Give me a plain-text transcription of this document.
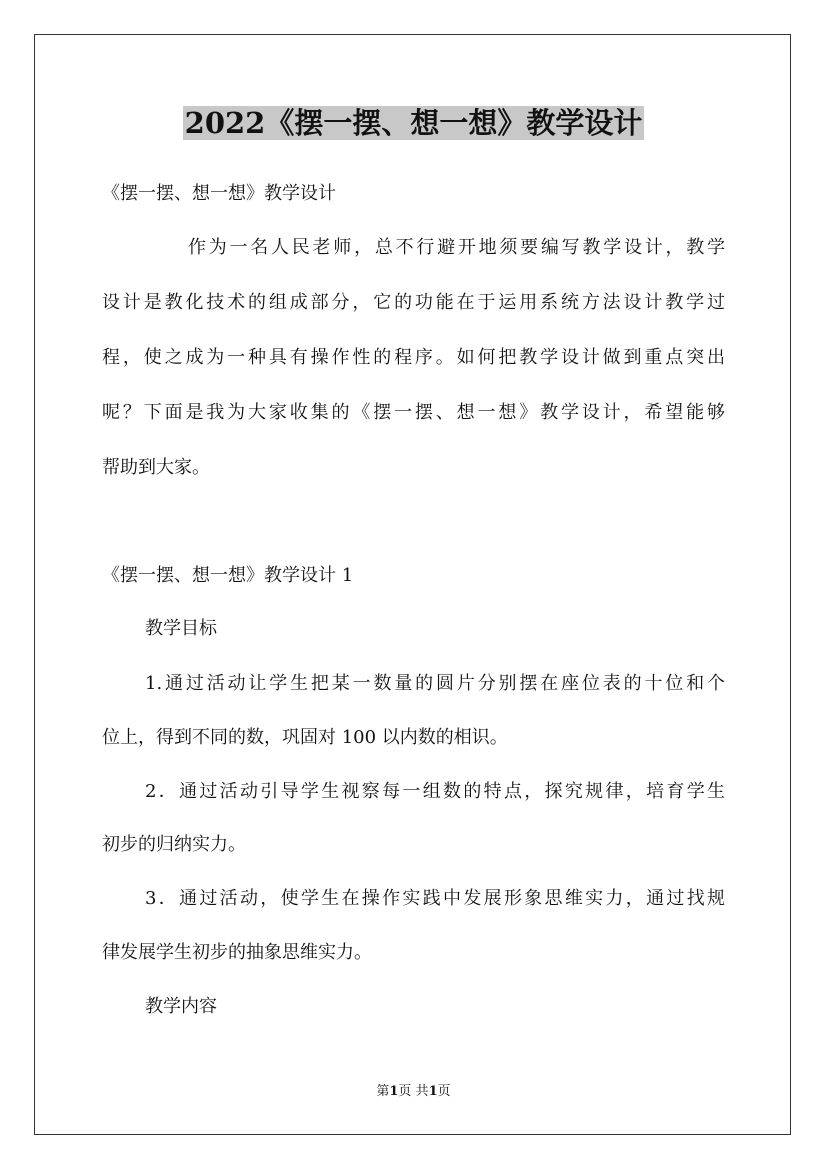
2022《摆一摆、想一想》教学设计
《摆一摆、想一想》教学设计
作为一名人民老师，总不行避开地须要编写教学设计，教学
设计是教化技术的组成部分，它的功能在于运用系统方法设计教学过
程，使之成为一种具有操作性的程序。如何把教学设计做到重点突出
呢？下面是我为大家收集的《摆一摆、想一想》教学设计，希望能够
帮助到大家。
《摆一摆、想一想》教学设计 1
教学目标
1.通过活动让学生把某一数量的圆片分别摆在座位表的十位和个
位上，得到不同的数，巩固对 100 以内数的相识。
2．通过活动引导学生视察每一组数的特点，探究规律，培育学生
初步的归纳实力。
3．通过活动，使学生在操作实践中发展形象思维实力，通过找规
律发展学生初步的抽象思维实力。
教学内容
第1页 共1页
